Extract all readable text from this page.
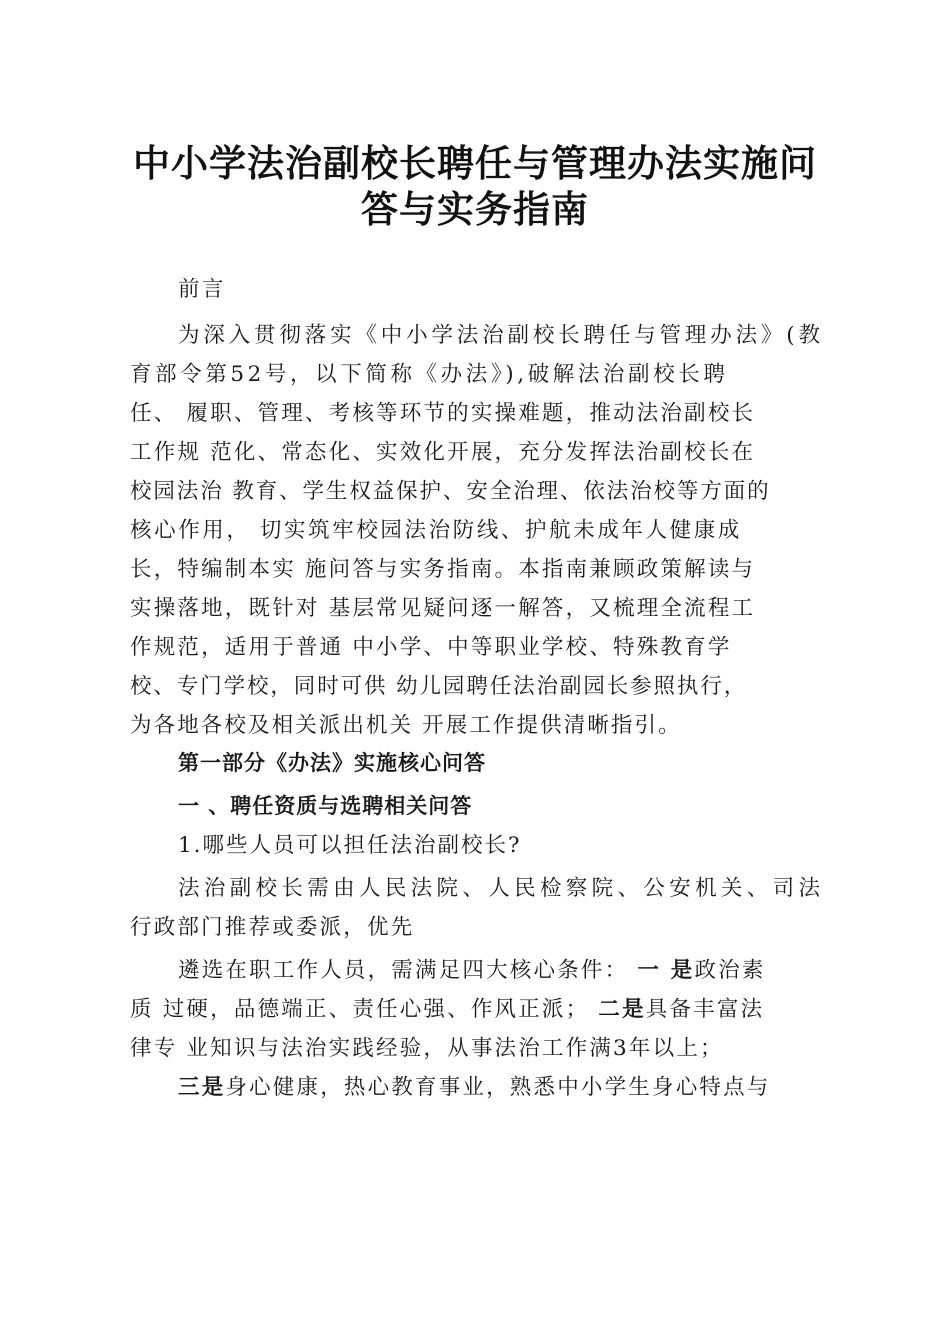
中小学法治副校长聘任与管理办法实施问
答与实务指南
前言
为深入贯彻落实《中小学法治副校长聘任与管理办法》(教
育部令第52号，以下简称《办法》),破解法治副校长聘
任、 履职、管理、考核等环节的实操难题，推动法治副校长
工作规 范化、常态化、实效化开展，充分发挥法治副校长在
校园法治 教育、学生权益保护、安全治理、依法治校等方面的
核心作用， 切实筑牢校园法治防线、护航未成年人健康成
长，特编制本实 施问答与实务指南。本指南兼顾政策解读与
实操落地，既针对 基层常见疑问逐一解答，又梳理全流程工
作规范，适用于普通 中小学、中等职业学校、特殊教育学
校、专门学校，同时可供 幼儿园聘任法治副园长参照执行，
为各地各校及相关派出机关 开展工作提供清晰指引。
第一部分《办法》实施核心问答
一 、聘任资质与选聘相关问答
1.哪些人员可以担任法治副校长?
法治副校长需由人民法院、人民检察院、公安机关、司法
行政部门推荐或委派，优先
遴选在职工作人员，需满足四大核心条件： 一 是政治素
质 过硬，品德端正、责任心强、作风正派； 二是具备丰富法
律专 业知识与法治实践经验，从事法治工作满3年以上；
三是身心健康，热心教育事业，熟悉中小学生身心特点与
